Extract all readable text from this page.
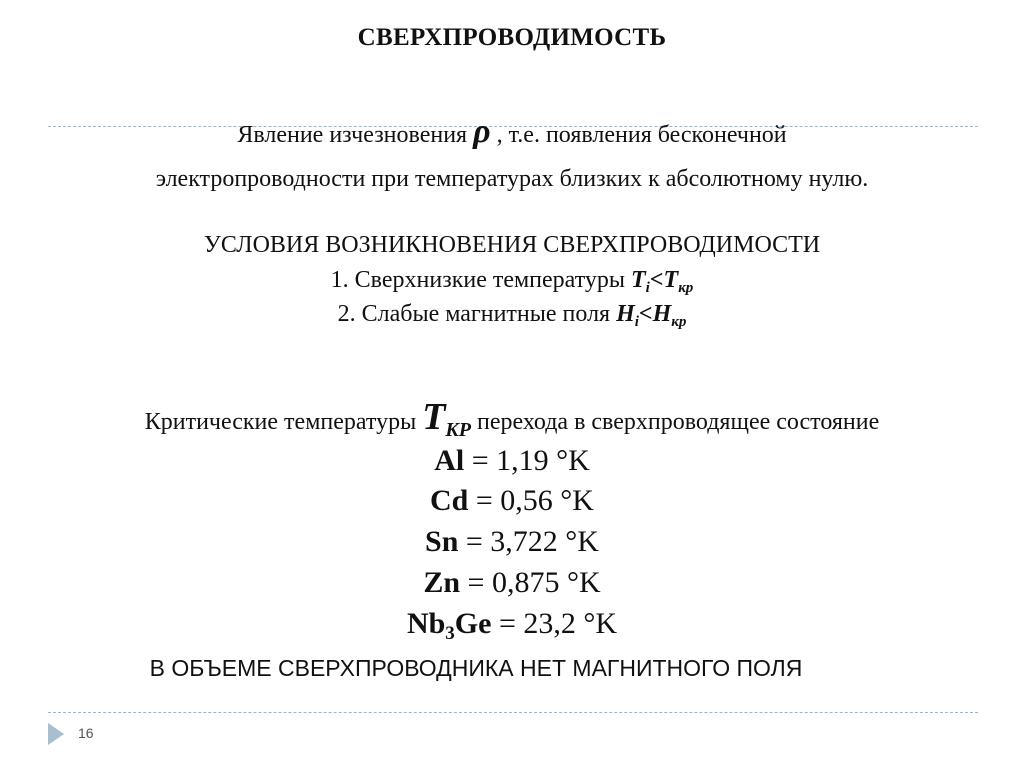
СВЕРХПРОВОДИМОСТЬ
Явление изчезновения ρ , т.е. появления бесконечной
электропроводности при температурах близких к абсолютному нулю.
УСЛОВИЯ ВОЗНИКНОВЕНИЯ СВЕРХПРОВОДИМОСТИ
1. Сверхнизкие температуры $T_i<T_{кр}$
2. Слабые магнитные поля $H_i<H_{кр}$
Критические температуры $T_{KP}$ перехода в сверхпроводящее состояние
Al = 1,19 °K
Cd = 0,56 °K
Sn = 3,722 °K
Zn = 0,875 °K
$Nb_3Ge = 23,2$ °K
В ОБЪЕМЕ СВЕРХПРОВОДНИКА НЕТ МАГНИТНОГО ПОЛЯ
16
